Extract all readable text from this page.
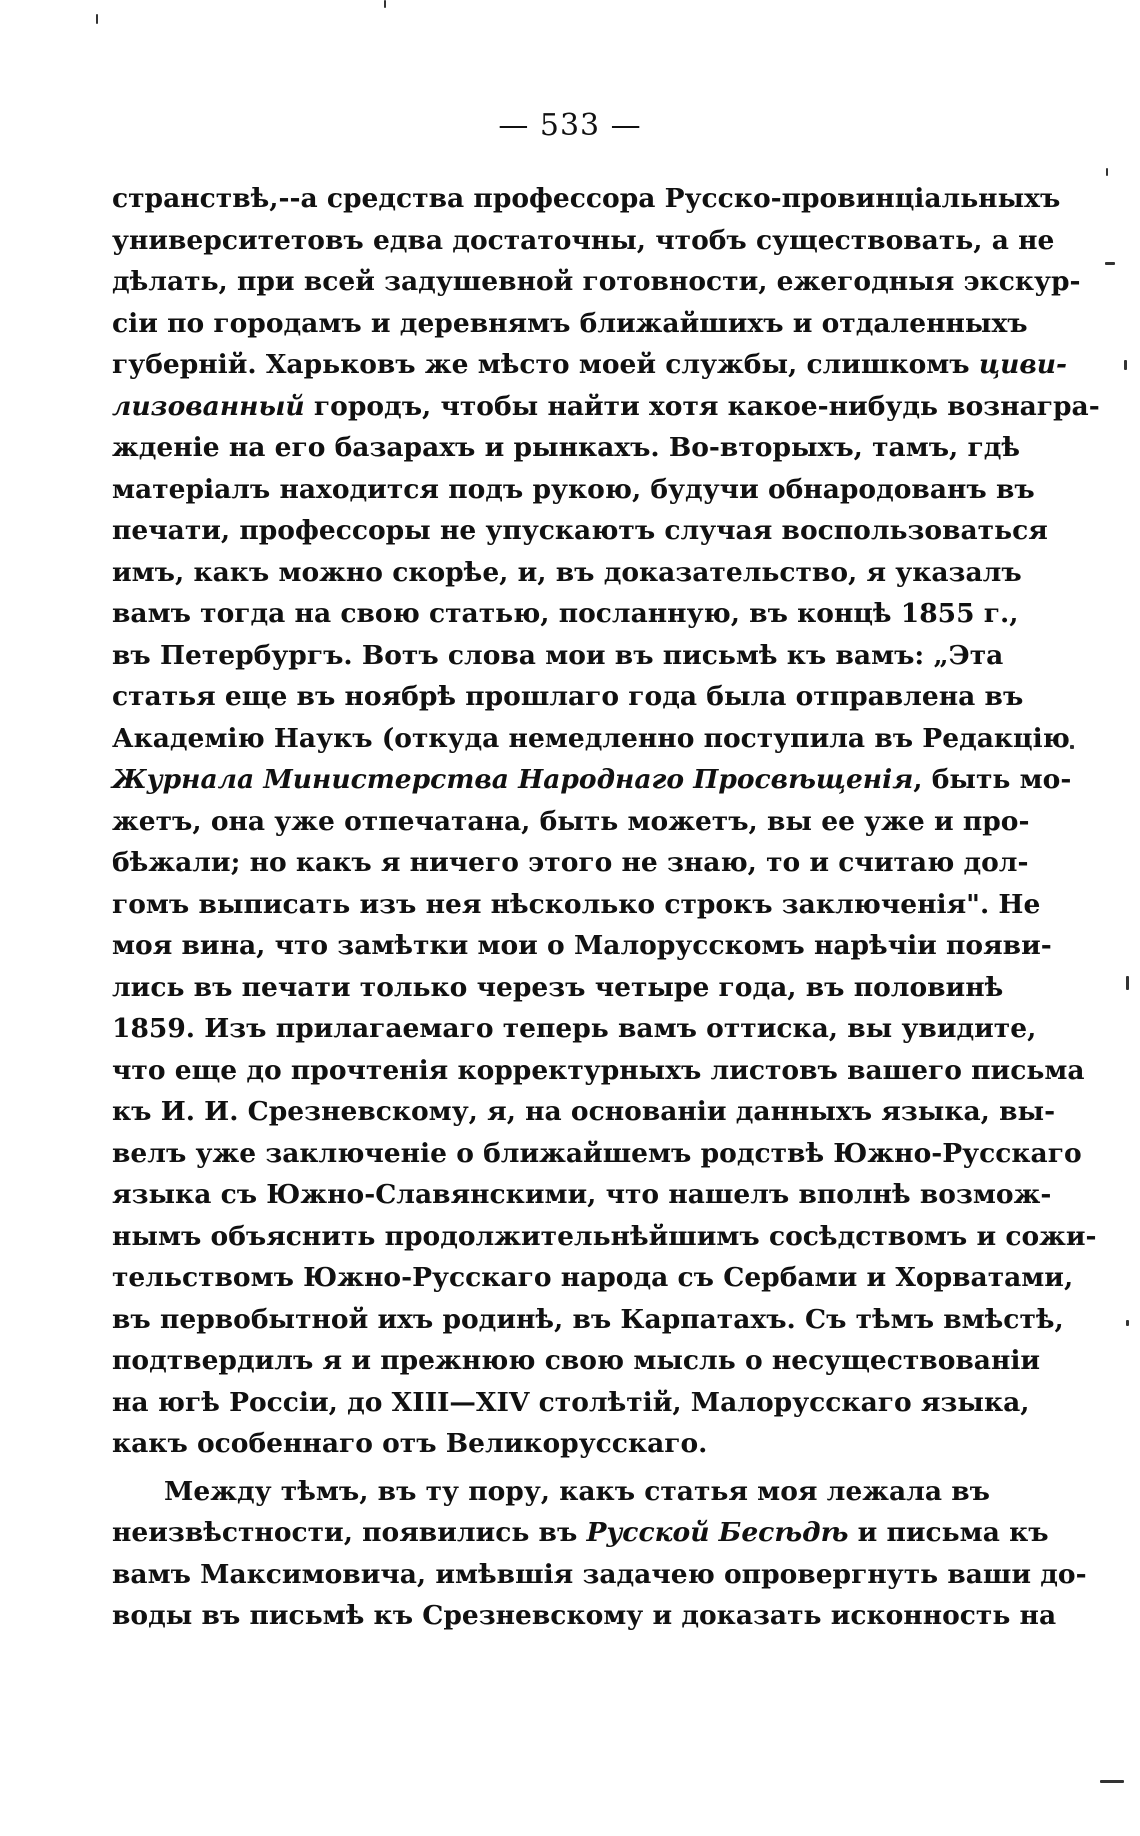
— 533 —
странствѣ,--а средства профессора Русско-провинціальныхъ
университетовъ едва достаточны, чтобъ существовать, а не
дѣлать, при всей задушевной готовности, ежегодныя экскур-
сіи по городамъ и деревнямъ ближайшихъ и отдаленныхъ
губерній. Харьковъ же мѣсто моей службы, слишкомъ циви-
лизованный городъ, чтобы найти хотя какое-нибудь вознагра-
жденіе на его базарахъ и рынкахъ. Во-вторыхъ, тамъ, гдѣ
матеріалъ находится подъ рукою, будучи обнародованъ въ
печати, профессоры не упускаютъ случая воспользоваться
имъ, какъ можно скорѣе, и, въ доказательство, я указалъ
вамъ тогда на свою статью, посланную, въ концѣ 1855 г.,
въ Петербургъ. Вотъ слова мои въ письмѣ къ вамъ: „Эта
статья еще въ ноябрѣ прошлаго года была отправлена въ
Академію Наукъ (откуда немедленно поступила въ Редакцію
Журнала Министерства Народнаго Просвѣщенія, быть мо-
жетъ, она уже отпечатана, быть можетъ, вы ее уже и про-
бѣжали; но какъ я ничего этого не знаю, то и считаю дол-
гомъ выписать изъ нея нѣсколько строкъ заключенія". Не
моя вина, что замѣтки мои о Малорусскомъ нарѣчіи появи-
лись въ печати только черезъ четыре года, въ половинѣ
1859. Изъ прилагаемаго теперь вамъ оттиска, вы увидите,
что еще до прочтенія корректурныхъ листовъ вашего письма
къ И. И. Срезневскому, я, на основаніи данныхъ языка, вы-
велъ уже заключеніе о ближайшемъ родствѣ Южно-Русскаго
языка съ Южно-Славянскими, что нашелъ вполнѣ возмож-
нымъ объяснить продолжительнѣйшимъ сосѣдствомъ и сожи-
тельствомъ Южно-Русскаго народа съ Сербами и Хорватами,
въ первобытной ихъ родинѣ, въ Карпатахъ. Съ тѣмъ вмѣстѣ,
подтвердилъ я и прежнюю свою мысль о несуществованіи
на югѣ Россіи, до XIII—XIV столѣтій, Малорусскаго языка,
какъ особеннаго отъ Великорусскаго.
Между тѣмъ, въ ту пору, какъ статья моя лежала въ
неизвѣстности, появились въ Русской Бесѣдѣ и письма къ
вамъ Максимовича, имѣвшія задачею опровергнуть ваши до-
воды въ письмѣ къ Срезневскому и доказать исконность на
